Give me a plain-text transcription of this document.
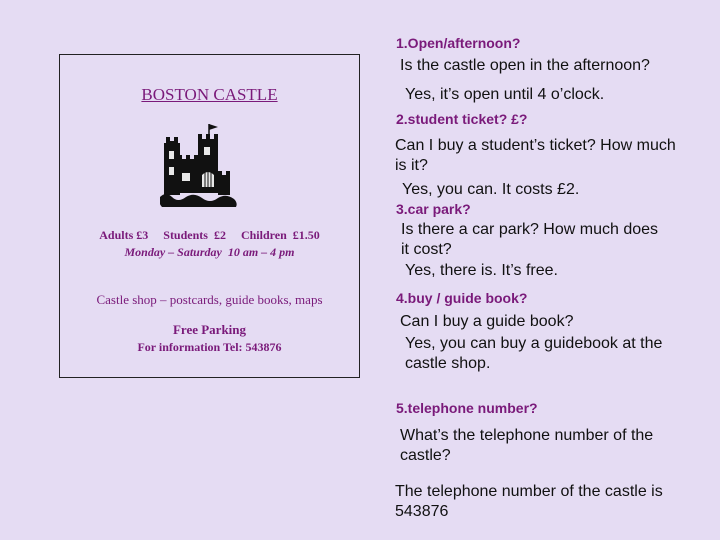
BOSTON CASTLE
Adults £3     Students  £2     Children  £1.50
Monday – Saturday  10 am – 4 pm
Castle shop – postcards, guide books, maps
Free Parking
For information Tel: 543876
1.Open/afternoon?
Is the castle open in the afternoon?
Yes, it’s open until 4 o’clock.
2.student ticket? £?
Can I buy a student’s ticket? How much is it?
Yes, you can. It costs £2.
3.car park?
Is there a car park? How much does it cost?
Yes, there is. It’s free.
4.buy / guide book?
Can I buy a guide book?
Yes, you can buy a guidebook at the castle shop.
5.telephone number?
What’s the telephone number of the castle?
The telephone number of the castle is 543876
